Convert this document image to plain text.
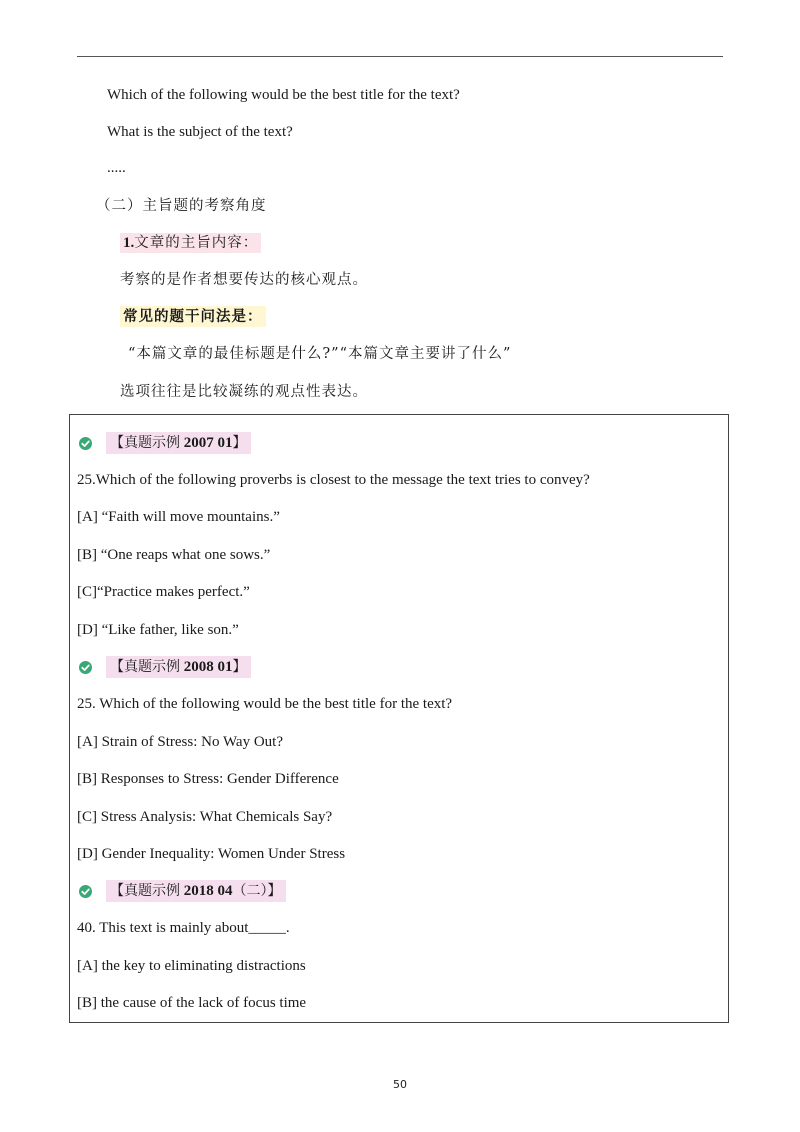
Which of the following would be the best title for the text?
What is the subject of the text?
.....
（二）主旨题的考察角度
1.文章的主旨内容：
考察的是作者想要传达的核心观点。
常见的题干问法是：
“本篇文章的最佳标题是什么?”“本篇文章主要讲了什么”
选项往往是比较凝练的观点性表达。
【真题示例 2007 01】
25.Which of the following proverbs is closest to the message the text tries to convey?
[A] “Faith will move mountains.”
[B] “One reaps what one sows.”
[C]“Practice makes perfect.”
[D] “Like father, like son.”
【真题示例 2008 01】
25. Which of the following would be the best title for the text?
[A] Strain of Stress: No Way Out?
[B] Responses to Stress: Gender Difference
[C] Stress Analysis: What Chemicals Say?
[D] Gender Inequality: Women Under Stress
【真题示例 2018 04（二）】
40. This text is mainly about_____.
[A] the key to eliminating distractions
[B] the cause of the lack of focus time
50
